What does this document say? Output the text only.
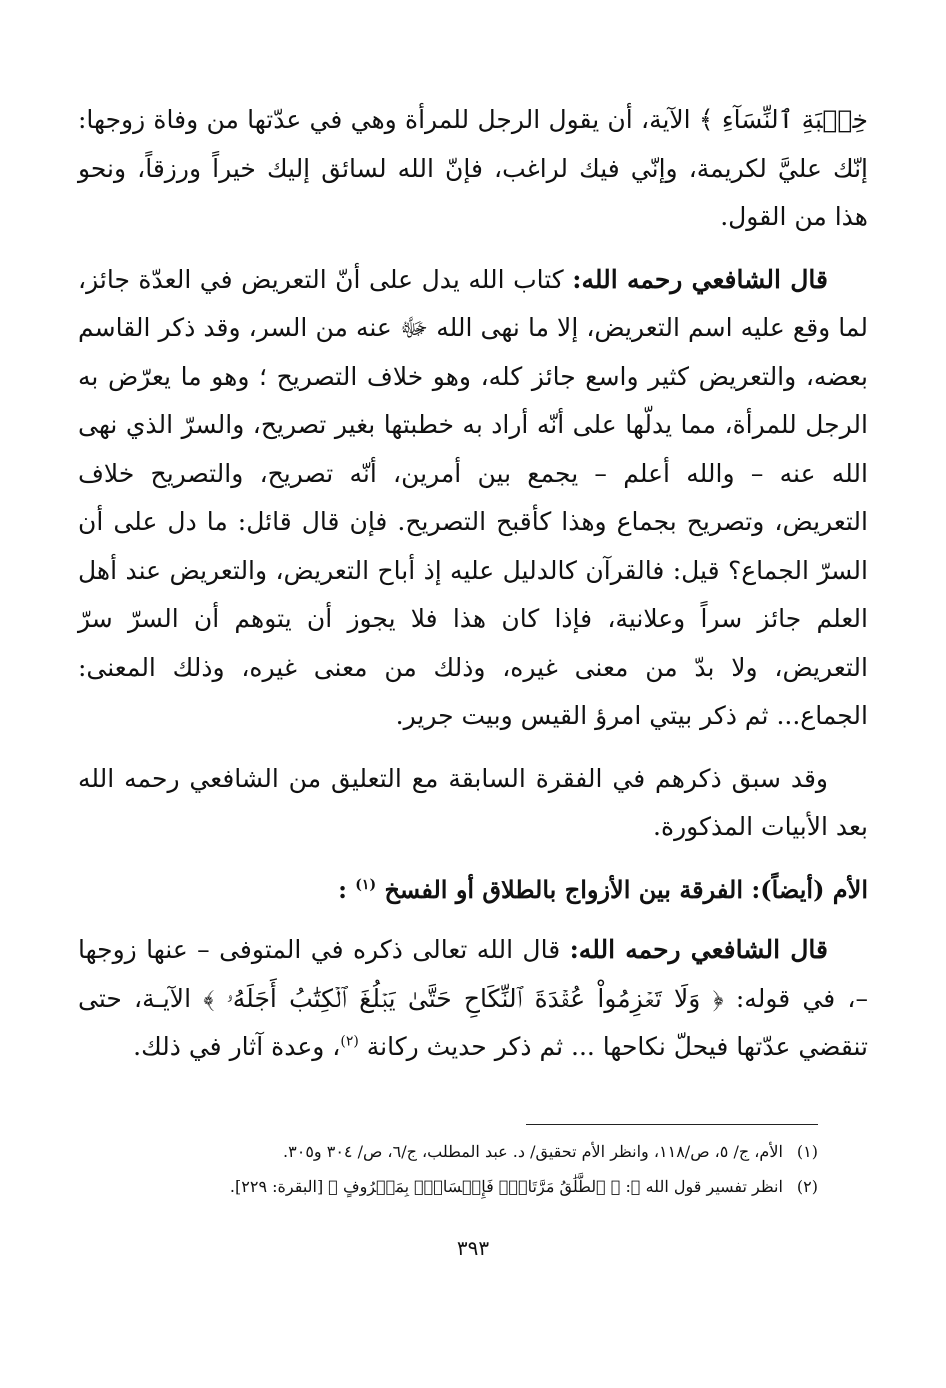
خِطۡبَةِ ٱلنِّسَآءِ ﴾ الآية، أن يقول الرجل للمرأة وهي في عدّتها من وفاة زوجها: إنّك عليَّ لكريمة، وإنّي فيك لراغب، فإنّ الله لسائق إليك خيراً ورزقاً، ونحو هذا من القول.

قال الشافعي رحمه الله: كتاب الله يدل على أنّ التعريض في العدّة جائز، لما وقع عليه اسم التعريض، إلا ما نهى الله ﷻ عنه من السر، وقد ذكر القاسم بعضه، والتعريض كثير واسع جائز كله، وهو خلاف التصريح ؛ وهو ما يعرّض به الرجل للمرأة، مما يدلّها على أنّه أراد به خطبتها بغير تصريح، والسرّ الذي نهى الله عنه – والله أعلم – يجمع بين أمرين، أنّه تصريح، والتصريح خلاف التعريض، وتصريح بجماع وهذا كأقبح التصريح. فإن قال قائل: ما دل على أن السرّ الجماع؟ قيل: فالقرآن كالدليل عليه إذ أباح التعريض، والتعريض عند أهل العلم جائز سراً وعلانية، فإذا كان هذا فلا يجوز أن يتوهم أن السرّ سرّ التعريض، ولا بدّ من معنى غيره، وذلك من معنى غيره، وذلك المعنى: الجماع... ثم ذكر بيتي امرؤ القيس وبيت جرير.

وقد سبق ذكرهم في الفقرة السابقة مع التعليق من الشافعي رحمه الله بعد الأبيات المذكورة.

الأم (أيضاً): الفرقة بين الأزواج بالطلاق أو الفسخ $^{(١)}$ :

قال الشافعي رحمه الله: قال الله تعالى ذكره في المتوفى – عنها زوجها –، في قوله: ﴿ وَلَا تَعۡزِمُواْ عُقۡدَةَ ٱلنِّكَاحِ حَتَّىٰ يَبۡلُغَ ٱلۡكِتَٰبُ أَجَلَهُۥ ﴾ الآيـة، حتى تنقضي عدّتها فيحلّ نكاحها ... ثم ذكر حديث ركانة $^{(٢)}$، وعدة آثار في ذلك.

(١)
الأم، ج/ ٥، ص/١١٨، وانظر الأم تحقيق/ د. عبد المطلب، ج/٦، ص/ ٣٠٤ و٣٠٥.
(٢)
انظر تفسير قول الله ﷻ: ﴿ ٱلطَّلَٰقُ مَرَّتَانِۖ فَإِمۡسَاكُۢ بِمَعۡرُوفٍ ﴾ [البقرة: ٢٢٩].
٣٩٣
